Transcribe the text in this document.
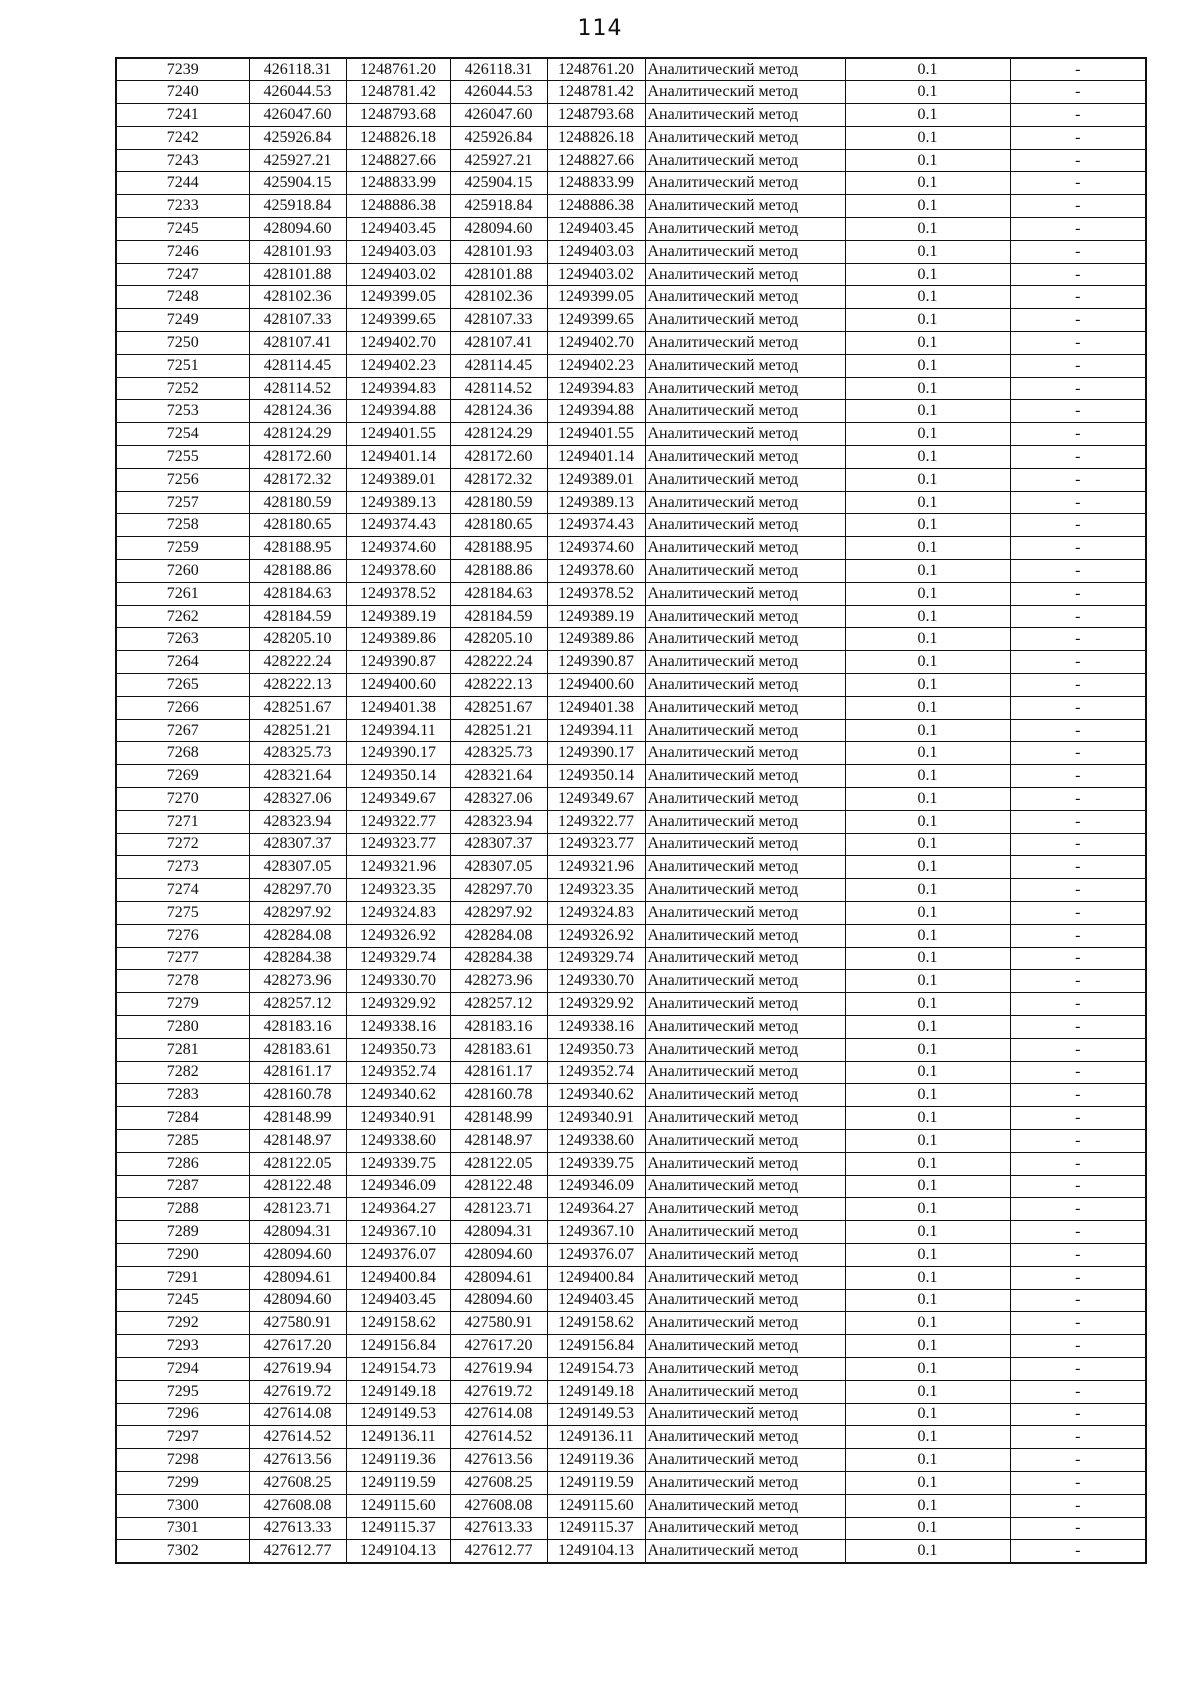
114
7239	426118.31	1248761.20	426118.31	1248761.20	Аналитический метод	0.1	-
7240	426044.53	1248781.42	426044.53	1248781.42	Аналитический метод	0.1	-
7241	426047.60	1248793.68	426047.60	1248793.68	Аналитический метод	0.1	-
7242	425926.84	1248826.18	425926.84	1248826.18	Аналитический метод	0.1	-
7243	425927.21	1248827.66	425927.21	1248827.66	Аналитический метод	0.1	-
7244	425904.15	1248833.99	425904.15	1248833.99	Аналитический метод	0.1	-
7233	425918.84	1248886.38	425918.84	1248886.38	Аналитический метод	0.1	-
7245	428094.60	1249403.45	428094.60	1249403.45	Аналитический метод	0.1	-
7246	428101.93	1249403.03	428101.93	1249403.03	Аналитический метод	0.1	-
7247	428101.88	1249403.02	428101.88	1249403.02	Аналитический метод	0.1	-
7248	428102.36	1249399.05	428102.36	1249399.05	Аналитический метод	0.1	-
7249	428107.33	1249399.65	428107.33	1249399.65	Аналитический метод	0.1	-
7250	428107.41	1249402.70	428107.41	1249402.70	Аналитический метод	0.1	-
7251	428114.45	1249402.23	428114.45	1249402.23	Аналитический метод	0.1	-
7252	428114.52	1249394.83	428114.52	1249394.83	Аналитический метод	0.1	-
7253	428124.36	1249394.88	428124.36	1249394.88	Аналитический метод	0.1	-
7254	428124.29	1249401.55	428124.29	1249401.55	Аналитический метод	0.1	-
7255	428172.60	1249401.14	428172.60	1249401.14	Аналитический метод	0.1	-
7256	428172.32	1249389.01	428172.32	1249389.01	Аналитический метод	0.1	-
7257	428180.59	1249389.13	428180.59	1249389.13	Аналитический метод	0.1	-
7258	428180.65	1249374.43	428180.65	1249374.43	Аналитический метод	0.1	-
7259	428188.95	1249374.60	428188.95	1249374.60	Аналитический метод	0.1	-
7260	428188.86	1249378.60	428188.86	1249378.60	Аналитический метод	0.1	-
7261	428184.63	1249378.52	428184.63	1249378.52	Аналитический метод	0.1	-
7262	428184.59	1249389.19	428184.59	1249389.19	Аналитический метод	0.1	-
7263	428205.10	1249389.86	428205.10	1249389.86	Аналитический метод	0.1	-
7264	428222.24	1249390.87	428222.24	1249390.87	Аналитический метод	0.1	-
7265	428222.13	1249400.60	428222.13	1249400.60	Аналитический метод	0.1	-
7266	428251.67	1249401.38	428251.67	1249401.38	Аналитический метод	0.1	-
7267	428251.21	1249394.11	428251.21	1249394.11	Аналитический метод	0.1	-
7268	428325.73	1249390.17	428325.73	1249390.17	Аналитический метод	0.1	-
7269	428321.64	1249350.14	428321.64	1249350.14	Аналитический метод	0.1	-
7270	428327.06	1249349.67	428327.06	1249349.67	Аналитический метод	0.1	-
7271	428323.94	1249322.77	428323.94	1249322.77	Аналитический метод	0.1	-
7272	428307.37	1249323.77	428307.37	1249323.77	Аналитический метод	0.1	-
7273	428307.05	1249321.96	428307.05	1249321.96	Аналитический метод	0.1	-
7274	428297.70	1249323.35	428297.70	1249323.35	Аналитический метод	0.1	-
7275	428297.92	1249324.83	428297.92	1249324.83	Аналитический метод	0.1	-
7276	428284.08	1249326.92	428284.08	1249326.92	Аналитический метод	0.1	-
7277	428284.38	1249329.74	428284.38	1249329.74	Аналитический метод	0.1	-
7278	428273.96	1249330.70	428273.96	1249330.70	Аналитический метод	0.1	-
7279	428257.12	1249329.92	428257.12	1249329.92	Аналитический метод	0.1	-
7280	428183.16	1249338.16	428183.16	1249338.16	Аналитический метод	0.1	-
7281	428183.61	1249350.73	428183.61	1249350.73	Аналитический метод	0.1	-
7282	428161.17	1249352.74	428161.17	1249352.74	Аналитический метод	0.1	-
7283	428160.78	1249340.62	428160.78	1249340.62	Аналитический метод	0.1	-
7284	428148.99	1249340.91	428148.99	1249340.91	Аналитический метод	0.1	-
7285	428148.97	1249338.60	428148.97	1249338.60	Аналитический метод	0.1	-
7286	428122.05	1249339.75	428122.05	1249339.75	Аналитический метод	0.1	-
7287	428122.48	1249346.09	428122.48	1249346.09	Аналитический метод	0.1	-
7288	428123.71	1249364.27	428123.71	1249364.27	Аналитический метод	0.1	-
7289	428094.31	1249367.10	428094.31	1249367.10	Аналитический метод	0.1	-
7290	428094.60	1249376.07	428094.60	1249376.07	Аналитический метод	0.1	-
7291	428094.61	1249400.84	428094.61	1249400.84	Аналитический метод	0.1	-
7245	428094.60	1249403.45	428094.60	1249403.45	Аналитический метод	0.1	-
7292	427580.91	1249158.62	427580.91	1249158.62	Аналитический метод	0.1	-
7293	427617.20	1249156.84	427617.20	1249156.84	Аналитический метод	0.1	-
7294	427619.94	1249154.73	427619.94	1249154.73	Аналитический метод	0.1	-
7295	427619.72	1249149.18	427619.72	1249149.18	Аналитический метод	0.1	-
7296	427614.08	1249149.53	427614.08	1249149.53	Аналитический метод	0.1	-
7297	427614.52	1249136.11	427614.52	1249136.11	Аналитический метод	0.1	-
7298	427613.56	1249119.36	427613.56	1249119.36	Аналитический метод	0.1	-
7299	427608.25	1249119.59	427608.25	1249119.59	Аналитический метод	0.1	-
7300	427608.08	1249115.60	427608.08	1249115.60	Аналитический метод	0.1	-
7301	427613.33	1249115.37	427613.33	1249115.37	Аналитический метод	0.1	-
7302	427612.77	1249104.13	427612.77	1249104.13	Аналитический метод	0.1	-
